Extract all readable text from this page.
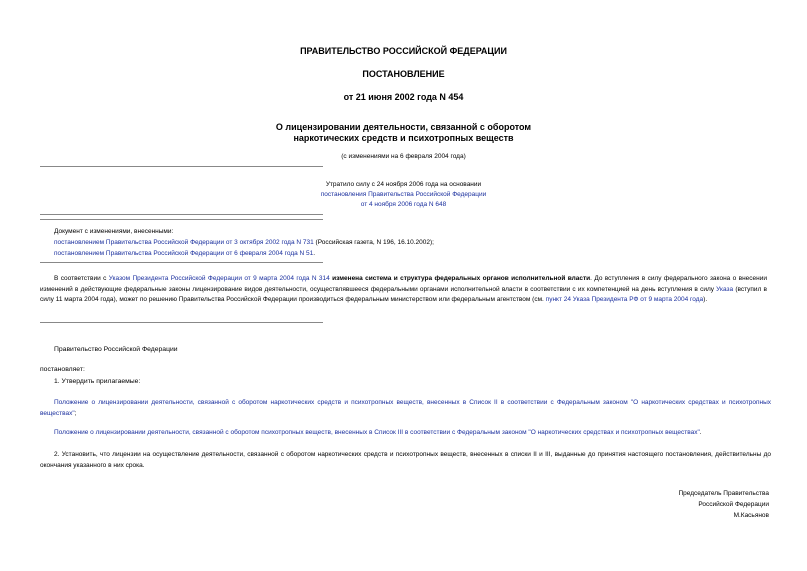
ПРАВИТЕЛЬСТВО РОССИЙСКОЙ ФЕДЕРАЦИИ
ПОСТАНОВЛЕНИЕ
от 21 июня 2002 года N 454
О лицензировании деятельности, связанной с оборотом
наркотических средств и психотропных веществ
(с изменениями на 6 февраля 2004 года)
Утратило силу с 24 ноября 2006 года на основании
постановления Правительства Российской Федерации
от 4 ноября 2006 года N 648
Документ с изменениями, внесенными:
постановлением Правительства Российской Федерации от 3 октября 2002 года N 731 (Российская газета, N 196, 16.10.2002);
постановлением Правительства Российской Федерации от 6 февраля 2004 года N 51.
В соответствии с Указом Президента Российской Федерации от 9 марта 2004 года N 314 изменена система и структура федеральных органов исполнительной власти. До вступления в силу федерального закона о внесении изменений в действующие федеральные законы лицензирование видов деятельности, осуществлявшееся федеральными органами исполнительной власти в соответствии с их компетенцией на день вступления в силу Указа (вступил в силу 11 марта 2004 года), может по решению Правительства Российской Федерации производиться федеральным министерством или федеральным агентством (см. пункт 24 Указа Президента РФ от 9 марта 2004 года).
Правительство Российской Федерации
постановляет:
1. Утвердить прилагаемые:
Положение о лицензировании деятельности, связанной с оборотом наркотических средств и психотропных веществ, внесенных в Список II в соответствии с Федеральным законом "О наркотических средствах и психотропных веществах";
Положение о лицензировании деятельности, связанной с оборотом психотропных веществ, внесенных в Список III в соответствии с Федеральным законом "О наркотических средствах и психотропных веществах".
2. Установить, что лицензии на осуществление деятельности, связанной с оборотом наркотических средств и психотропных веществ, внесенных в списки II и III, выданные до принятия настоящего постановления, действительны до окончания указанного в них срока.
Председатель Правительства
Российской Федерации
М.Касьянов
